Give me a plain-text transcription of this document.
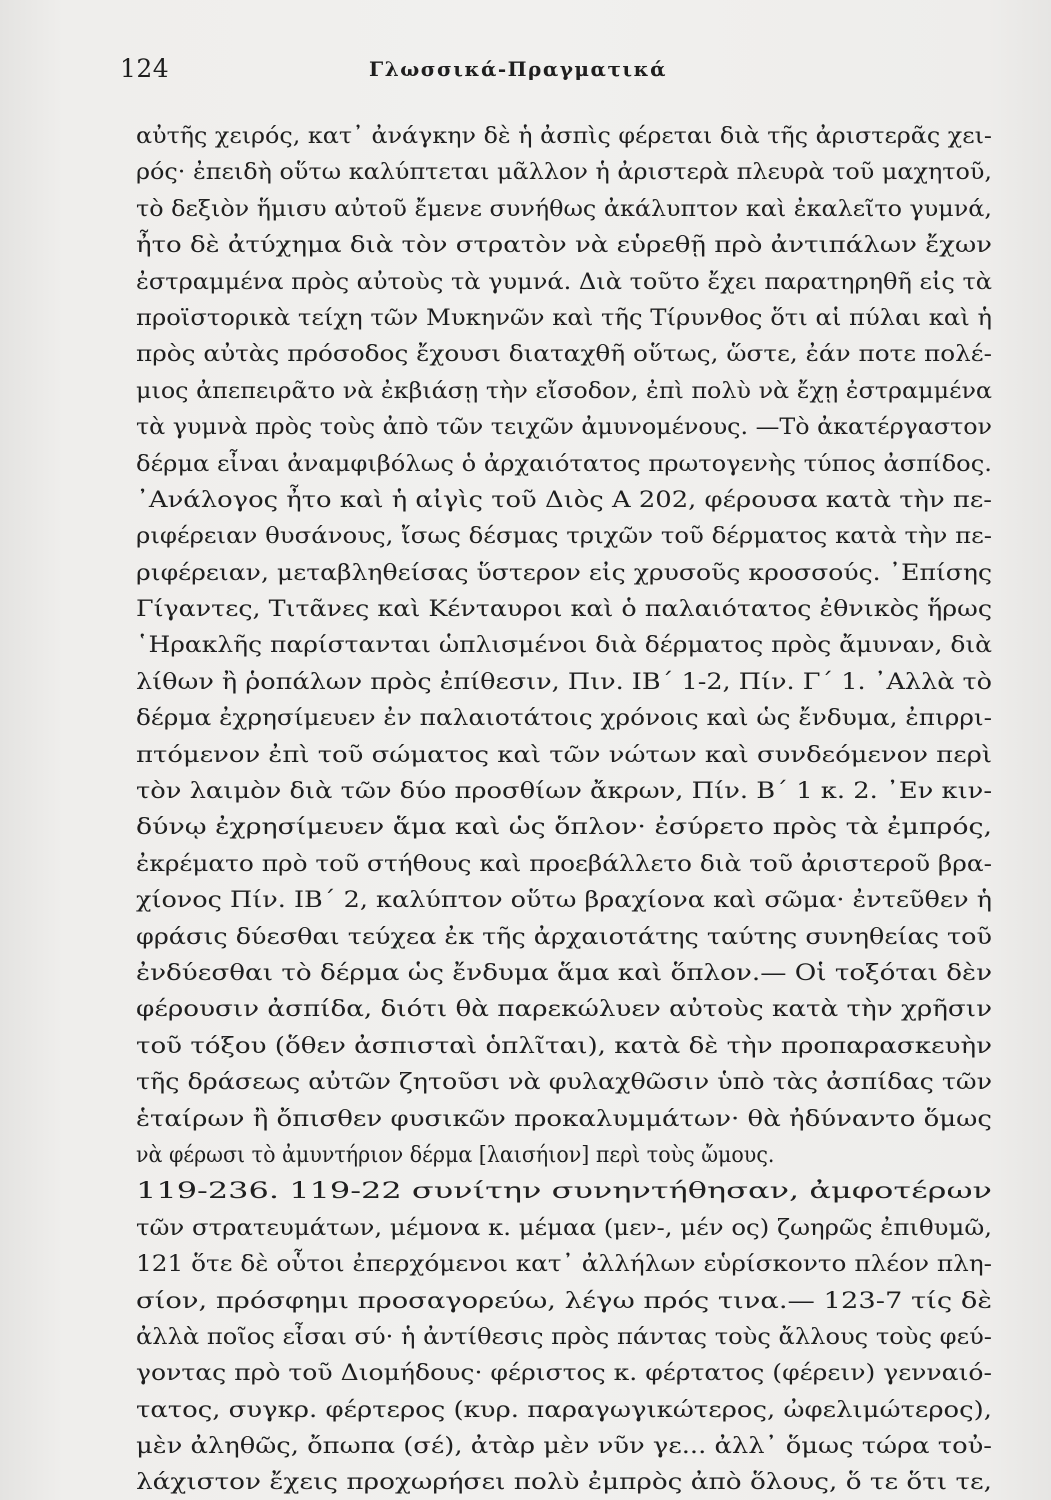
124	Γλωσσικά-Πραγματικά
αὐτῆς χειρός, κατ᾽ ἀνάγκην δὲ ἡ ἀσπὶς φέρεται διὰ τῆς ἀριστερᾶς χει-
ρός· ἐπειδὴ οὕτω καλύπτεται μᾶλλον ἡ ἀριστερὰ πλευρὰ τοῦ μαχητοῦ,
τὸ δεξιὸν ἥμισυ αὐτοῦ ἔμενε συνήθως ἀκάλυπτον καὶ ἐκαλεῖτο γυμνά,
ἦτο δὲ ἀτύχημα διὰ τὸν στρατὸν νὰ εὑρεθῇ πρὸ ἀντιπάλων ἔχων
ἐστραμμένα πρὸς αὐτοὺς τὰ γυμνά. Διὰ τοῦτο ἔχει παρατηρηθῆ εἰς τὰ
προϊστορικὰ τείχη τῶν Μυκηνῶν καὶ τῆς Τίρυνθος ὅτι αἱ πύλαι καὶ ἡ
πρὸς αὐτὰς πρόσοδος ἔχουσι διαταχθῆ οὕτως, ὥστε, ἐάν ποτε πολέ-
μιος ἀπεπειρᾶτο νὰ ἐκβιάσῃ τὴν εἴσοδον, ἐπὶ πολὺ νὰ ἔχῃ ἐστραμμένα
τὰ γυμνὰ πρὸς τοὺς ἀπὸ τῶν τειχῶν ἀμυνομένους. —Τὸ ἀκατέργαστον
δέρμα εἶναι ἀναμφιβόλως ὁ ἀρχαιότατος πρωτογενὴς τύπος ἀσπίδος.
᾿Ανάλογος ἦτο καὶ ἡ αἰγὶς τοῦ Διὸς Α 202, φέρουσα κατὰ τὴν πε-
ριφέρειαν θυσάνους, ἴσως δέσμας τριχῶν τοῦ δέρματος κατὰ τὴν πε-
ριφέρειαν, μεταβληθείσας ὕστερον εἰς χρυσοῦς κροσσούς. ᾿Επίσης
Γίγαντες, Τιτᾶνες καὶ Κένταυροι καὶ ὁ παλαιότατος ἐθνικὸς ἥρως
῾Ηρακλῆς παρίστανται ὡπλισμένοι διὰ δέρματος πρὸς ἄμυναν, διὰ
λίθων ἢ ῥοπάλων πρὸς ἐπίθεσιν, Πιν. ΙΒ´ 1-2, Πίν. Γ´ 1. ᾿Αλλὰ τὸ
δέρμα ἐχρησίμευεν ἐν παλαιοτάτοις χρόνοις καὶ ὡς ἔνδυμα, ἐπιρρι-
πτόμενον ἐπὶ τοῦ σώματος καὶ τῶν νώτων καὶ συνδεόμενον περὶ
τὸν λαιμὸν διὰ τῶν δύο προσθίων ἄκρων, Πίν. Β´ 1 κ. 2. ᾿Εν κιν-
δύνῳ ἐχρησίμευεν ἅμα καὶ ὡς ὅπλον· ἐσύρετο πρὸς τὰ ἐμπρός,
ἐκρέματο πρὸ τοῦ στήθους καὶ προεβάλλετο διὰ τοῦ ἀριστεροῦ βρα-
χίονος Πίν. ΙΒ´ 2, καλύπτον οὕτω βραχίονα καὶ σῶμα· ἐντεῦθεν ἡ
φράσις δύεσθαι τεύχεα ἐκ τῆς ἀρχαιοτάτης ταύτης συνηθείας τοῦ
ἐνδύεσθαι τὸ δέρμα ὡς ἔνδυμα ἅμα καὶ ὅπλον.— Οἱ τοξόται δὲν
φέρουσιν ἀσπίδα, διότι θὰ παρεκώλυεν αὐτοὺς κατὰ τὴν χρῆσιν
τοῦ τόξου (ὅθεν ἀσπισταὶ ὁπλῖται), κατὰ δὲ τὴν προπαρασκευὴν
τῆς δράσεως αὐτῶν ζητοῦσι νὰ φυλαχθῶσιν ὑπὸ τὰς ἀσπίδας τῶν
ἑταίρων ἢ ὄπισθεν φυσικῶν προκαλυμμάτων· θὰ ἠδύναντο ὅμως
νὰ φέρωσι τὸ ἀμυντήριον δέρμα [λαισήιον] περὶ τοὺς ὤμους.
119-236. 119-22 συνίτην συνηντήθησαν, ἀμφοτέρων
τῶν στρατευμάτων, μέμονα κ. μέμαα (μεν-, μέν ος) ζωηρῶς ἐπιθυμῶ,
121 ὅτε δὲ οὗτοι ἐπερχόμενοι κατ᾽ ἀλλήλων εὑρίσκοντο πλέον πλη-
σίον, πρόσφημι προσαγορεύω, λέγω πρός τινα.— 123-7 τίς δὲ
ἀλλὰ ποῖος εἶσαι σύ· ἡ ἀντίθεσις πρὸς πάντας τοὺς ἄλλους τοὺς φεύ-
γοντας πρὸ τοῦ Διομήδους· φέριστος κ. φέρτατος (φέρειν) γενναιό-
τατος, συγκρ. φέρτερος (κυρ. παραγωγικώτερος, ὠφελιμώτερος),
μὲν ἀληθῶς, ὄπωπα (σέ), ἀτὰρ μὲν νῦν γε... ἀλλ᾽ ὅμως τώρα τοὐ-
λάχιστον ἔχεις προχωρήσει πολὺ ἐμπρὸς ἀπὸ ὅλους, ὅ τε ὅτι τε,
